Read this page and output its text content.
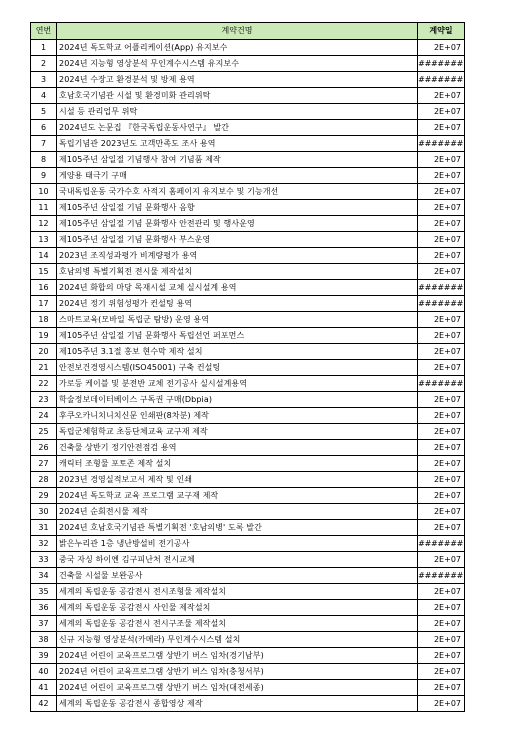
연번	계약건명	계약일
1	2024년 독도학교 어플리케이션(App) 유지보수	2E+07
2	2024년 지능형 영상분석 무인계수시스템 유지보수	#######
3	2024년 수장고 환경분석 및 방제 용역	#######
4	호남호국기념관 시설 및 환경미화 관리위탁	2E+07
5	시설 등 관리업무 위탁	2E+07
6	2024년도 논문집 『한국독립운동사연구』 발간	2E+07
7	독립기념관 2023년도 고객만족도 조사 용역	#######
8	제105주년 삼일절 기념행사 참여 기념품 제작	2E+07
9	게양용 태극기 구매	2E+07
10	국내독립운동 국가수호 사적지 홈페이지 유지보수 및 기능개선	2E+07
11	제105주년 삼일절 기념 문화행사 음향	2E+07
12	제105주년 삼일절 기념 문화행사 안전관리 및 행사운영	2E+07
13	제105주년 삼일절 기념 문화행사 부스운영	2E+07
14	2023년 조직성과평가 비계량평가 용역	2E+07
15	호남의병 특별기획전 전시물 제작설치	2E+07
16	2024년 화합의 마당 목재시설 교체 실시설계 용역	#######
17	2024년 정기 위험성평가 컨설팅 용역	#######
18	스마트교육(모바일 독립군 탐방) 운영 용역	2E+07
19	제105주년 삼일절 기념 문화행사 독립선언 퍼포먼스	2E+07
20	제105주년 3.1절 홍보 현수막 제작 설치	2E+07
21	안전보건경영시스템(ISO45001) 구축 컨설팅	2E+07
22	가로등 케이블 및 분전반 교체 전기공사 실시설계용역	#######
23	학술정보데이터베이스 구독권 구매(Dbpia)	2E+07
24	후쿠오카니치니치신문 인쇄판(8차분) 제작	2E+07
25	독립군체험학교 초등단체교육 교구재 제작	2E+07
26	건축물 상반기 정기안전점검 용역	2E+07
27	캐릭터 조형물 포토존 제작 설치	2E+07
28	2023년 경영실적보고서 제작 및 인쇄	2E+07
29	2024년 독도학교 교육 프로그램 교구재 제작	2E+07
30	2024년 순회전시물 제작	2E+07
31	2024년 호남호국기념관 특별기획전 '호남의병' 도록 발간	2E+07
32	밝은누리관 1층 냉난방설비 전기공사	#######
33	중국 자싱 하이옌 김구피난처 전시교체	2E+07
34	건축물 시설물 보완공사	#######
35	세계의 독립운동 공감전시 전시조형물 제작설치	2E+07
36	세계의 독립운동 공감전시 사인물 제작설치	2E+07
37	세계의 독립운동 공감전시 전시구조물 제작설치	2E+07
38	신규 지능형 영상분석(카메라) 무인계수시스템 설치	2E+07
39	2024년 어린이 교육프로그램 상반기 버스 임차(경기남부)	2E+07
40	2024년 어린이 교육프로그램 상반기 버스 임차(충청서부)	2E+07
41	2024년 어린이 교육프로그램 상반기 버스 임차(대전세종)	2E+07
42	세계의 독립운동 공감전시 종합영상 제작	2E+07
